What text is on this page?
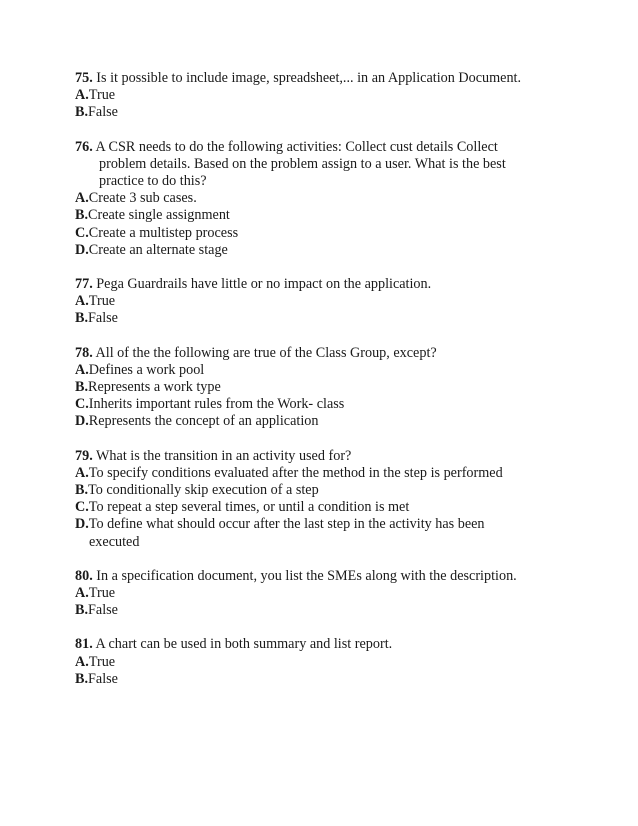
75. Is it possible to include image, spreadsheet,... in an Application Document.
A.True
B.False
76. A CSR needs to do the following activities: Collect cust details Collect
problem details. Based on the problem assign to a user. What is the best
practice to do this?
A.Create 3 sub cases.
B.Create single assignment
C.Create a multistep process
D.Create an alternate stage
77. Pega Guardrails have little or no impact on the application.
A.True
B.False
78. All of the the following are true of the Class Group, except?
A.Defines a work pool
B.Represents a work type
C.Inherits important rules from the Work- class
D.Represents the concept of an application
79. What is the transition in an activity used for?
A.To specify conditions evaluated after the method in the step is performed
B.To conditionally skip execution of a step
C.To repeat a step several times, or until a condition is met
D.To define what should occur after the last step in the activity has been
executed
80. In a specification document, you list the SMEs along with the description.
A.True
B.False
81. A chart can be used in both summary and list report.
A.True
B.False
